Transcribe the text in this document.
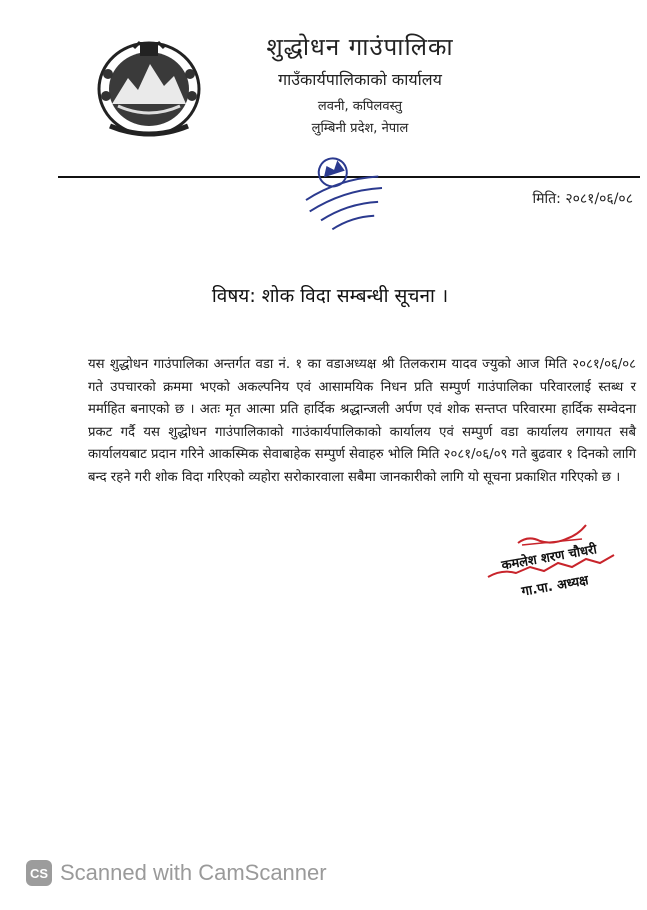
शुद्धोधन गाउंपालिका
गाउँकार्यपालिकाको कार्यालय
लवनी, कपिलवस्तु
लुम्बिनी प्रदेश, नेपाल
मिति: २०८१/०६/०८
विषय: शोक विदा सम्बन्धी सूचना ।
यस शुद्धोधन गाउंपालिका अन्तर्गत वडा नं. १ का वडाअध्यक्ष श्री तिलकराम यादव ज्युको आज मिति २०८१/०६/०८ गते उपचारको क्रममा भएको अकल्पनिय एवं आसामयिक निधन प्रति सम्पुर्ण गाउंपालिका परिवारलाई स्तब्ध र मर्माहित बनाएको छ । अतः मृत आत्मा प्रति हार्दिक श्रद्धान्जली अर्पण एवं शोक सन्तप्त परिवारमा हार्दिक सम्वेदना प्रकट गर्दै यस शुद्धोधन गाउंपालिकाको गाउंकार्यपालिकाको कार्यालय एवं सम्पुर्ण वडा कार्यालय लगायत सबै कार्यालयबाट प्रदान गरिने आकस्मिक सेवाबाहेक सम्पुर्ण सेवाहरु भोलि मिति २०८१/०६/०९ गते बुढवार १ दिनको लागि बन्द रहने गरी शोक विदा गरिएको व्यहोरा सरोकारवाला सबैमा जानकारीको लागि यो सूचना प्रकाशित गरिएको छ ।
कमलेश शरण चौधरी
गा.पा. अध्यक्ष
CS Scanned with CamScanner
